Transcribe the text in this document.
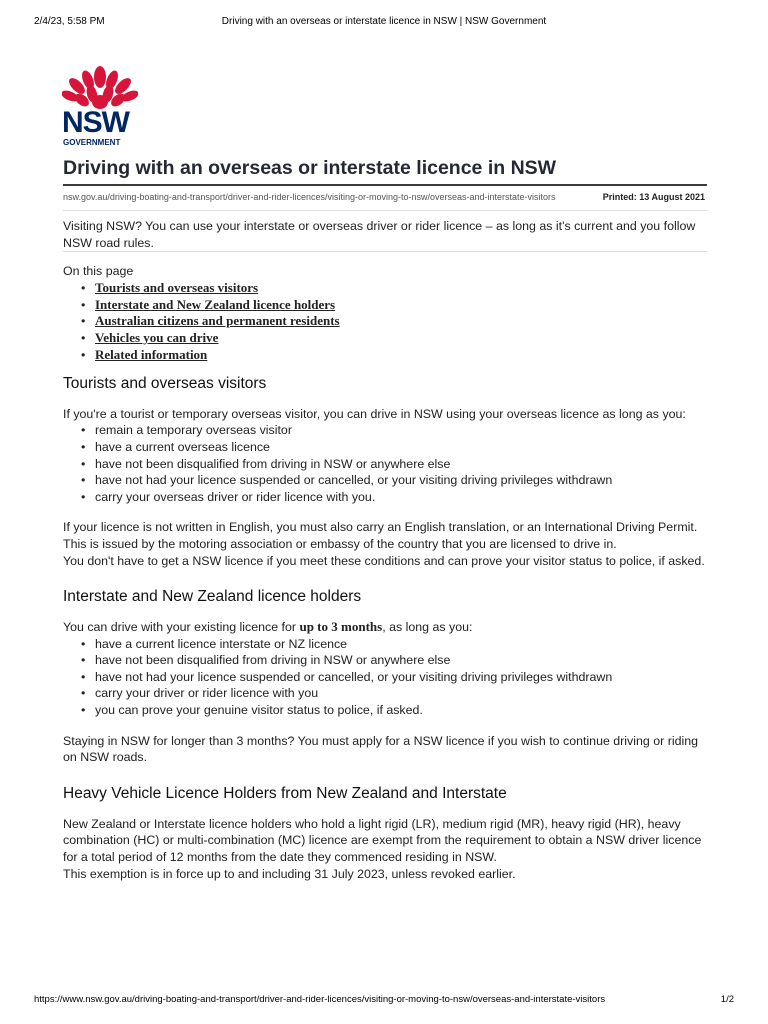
2/4/23, 5:58 PM	Driving with an overseas or interstate licence in NSW | NSW Government
NSW
GOVERNMENT
Driving with an overseas or interstate licence in NSW
nsw.gov.au/driving-boating-and-transport/driver-and-rider-licences/visiting-or-moving-to-nsw/overseas-and-interstate-visitors	Printed: 13 August 2021

Visiting NSW? You can use your interstate or overseas driver or rider licence – as long as it's current and you follow NSW road rules.

On this page

• Tourists and overseas visitors
• Interstate and New Zealand licence holders
• Australian citizens and permanent residents
• Vehicles you can drive
• Related information
Tourists and overseas visitors

If you're a tourist or temporary overseas visitor, you can drive in NSW using your overseas licence as long as you:

• remain a temporary overseas visitor
• have a current overseas licence
• have not been disqualified from driving in NSW or anywhere else
• have not had your licence suspended or cancelled, or your visiting driving privileges withdrawn
• carry your overseas driver or rider licence with you.

If your licence is not written in English, you must also carry an English translation, or an International Driving Permit. This is issued by the motoring association or embassy of the country that you are licensed to drive in.

You don't have to get a NSW licence if you meet these conditions and can prove your visitor status to police, if asked.

Interstate and New Zealand licence holders

You can drive with your existing licence for up to 3 months, as long as you:

• have a current licence interstate or NZ licence
• have not been disqualified from driving in NSW or anywhere else
• have not had your licence suspended or cancelled, or your visiting driving privileges withdrawn
• carry your driver or rider licence with you
• you can prove your genuine visitor status to police, if asked.

Staying in NSW for longer than 3 months? You must apply for a NSW licence if you wish to continue driving or riding on NSW roads.

Heavy Vehicle Licence Holders from New Zealand and Interstate

New Zealand or Interstate licence holders who hold a light rigid (LR), medium rigid (MR), heavy rigid (HR), heavy combination (HC) or multi-combination (MC) licence are exempt from the requirement to obtain a NSW driver licence for a total period of 12 months from the date they commenced residing in NSW.

This exemption is in force up to and including 31 July 2023, unless revoked earlier.

https://www.nsw.gov.au/driving-boating-and-transport/driver-and-rider-licences/visiting-or-moving-to-nsw/overseas-and-interstate-visitors	1/2
